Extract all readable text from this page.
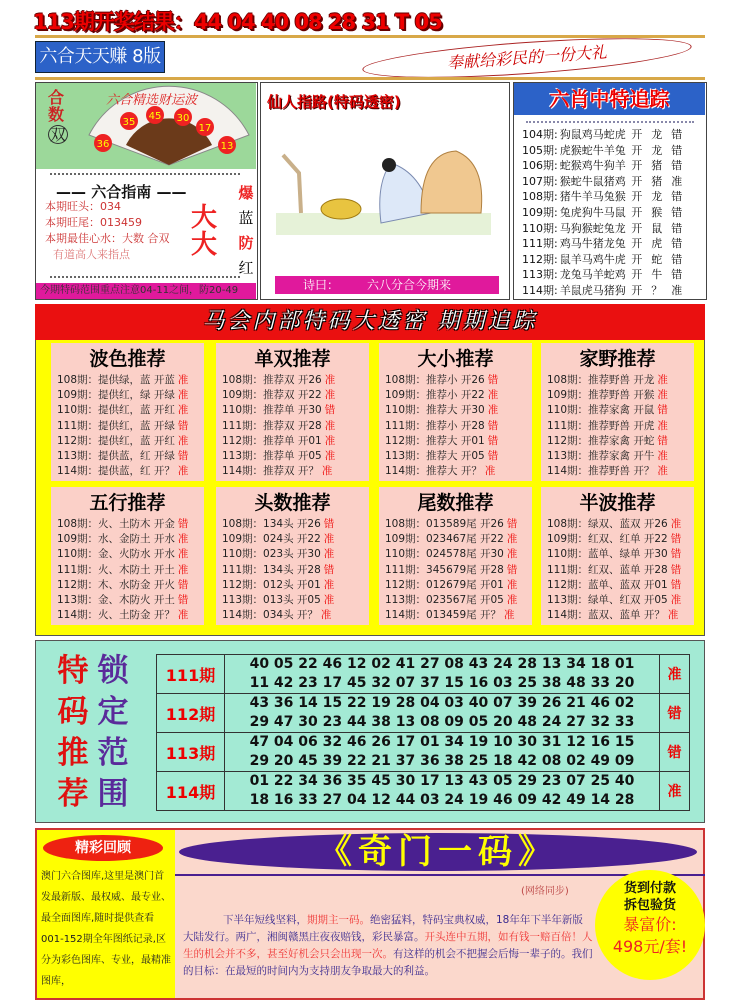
113期开奖结果：44 04 40 08 28 31 T 05
六合天天赚 8版	奉献给彩民的一份大礼
合数
双
36
35
45 30
17
13
六合精选财运波
—— 六合指南 ——
本期旺头：034
本期旺尾：013459
本期最佳心水：大数 合双
有道高人来指点
大
大
爆
蓝
防
红
今期特码范围重点注意04-11之间，防20-49
仙人指路(特码透密)
诗曰： 六八分合今期来
六肖中特追踪
104期: 狗鼠鸡马蛇虎 开 龙 错
105期: 虎猴蛇牛羊兔 开 龙 错
106期: 蛇猴鸡牛狗羊 开 猪 错
107期: 猴蛇牛鼠猪鸡 开 猪 准
108期: 猪牛羊马兔猴 开 龙 错
109期: 兔虎狗牛马鼠 开 猴 错
110期: 马狗猴蛇兔龙 开 鼠 错
111期: 鸡马牛猪龙兔 开 虎 错
112期: 鼠羊马鸡牛虎 开 蛇 错
113期: 龙兔马羊蛇鸡 开 牛 错
114期: 羊鼠虎马猪狗 开 ？ 准
马会内部特码大透密 期期追踪
波色推荐
108期：提供绿，蓝 开蓝 准
109期：提供红，绿 开绿 准
110期：提供红，蓝 开红 准
111期：提供红，蓝 开绿 错
112期：提供红，蓝 开红 准
113期：提供蓝，红 开绿 错
114期：提供蓝，红 开？ 准
单双推荐
108期：推荐双 开26 准
109期：推荐双 开22 准
110期：推荐单 开30 错
111期：推荐双 开28 准
112期：推荐单 开01 准
113期：推荐单 开05 准
114期：推荐双 开？ 准
大小推荐
108期：推荐小 开26 错
109期：推荐小 开22 准
110期：推荐大 开30 准
111期：推荐小 开28 错
112期：推荐大 开01 错
113期：推荐大 开05 错
114期：推荐大 开？ 准
家野推荐
108期：推荐野兽 开龙 准
109期：推荐野兽 开猴 准
110期：推荐家禽 开鼠 错
111期：推荐野兽 开虎 准
112期：推荐家禽 开蛇 错
113期：推荐家禽 开牛 准
114期：推荐野兽 开？ 准
五行推荐
108期：火、土防木 开金 错
109期：水、金防土 开水 准
110期：金、火防水 开水 准
111期：火、木防土 开土 准
112期：木、水防金 开火 错
113期：金、木防火 开土 错
114期：火、土防金 开？ 准
头数推荐
108期：134头 开26 错
109期：024头 开22 准
110期：023头 开30 准
111期：134头 开28 错
112期：012头 开01 准
113期：013头 开05 准
114期：034头 开？ 准
尾数推荐
108期：013589尾 开26 错
109期：023467尾 开22 准
110期：024578尾 开30 准
111期：345679尾 开28 错
112期：012679尾 开01 准
113期：023567尾 开05 准
114期：013459尾 开？ 准
半波推荐
108期：绿双、蓝双 开26 准
109期：红双、红单 开22 错
110期：蓝单、绿单 开30 错
111期：红双、蓝单 开28 错
112期：蓝单、蓝双 开01 错
113期：绿单、红双 开05 准
114期：蓝双、蓝单 开？ 准
特
码
推
荐
锁
定
范
围
111期	40 05 22 46 12 02 41 27 08 43 24 28 13 34 18 01
11 42 23 17 45 32 07 37 15 16 03 25 38 48 33 20	准
112期	43 36 14 15 22 19 28 04 03 40 07 39 26 21 46 02
29 47 30 23 44 38 13 08 09 05 20 48 24 27 32 33	错
113期	47 04 06 32 46 26 17 01 34 19 10 30 31 12 16 15
29 20 45 39 22 21 37 36 38 25 18 42 08 02 49 09	错
114期	01 22 34 36 35 45 30 17 13 43 05 29 23 07 25 40
18 16 33 27 04 12 44 03 24 19 46 09 42 49 14 28	准
精彩回顾
澳门六合图库,这里是澳门首发最新版、最权威、最专业、最全面图库,随时提供查看001-152期全年图纸记录,区分为彩色图库、专业，最精准图库，
《奇门一码》
(网络同步)
下半年短线坚料，期期主一码。绝密猛料，特码宝典权威，18年年下半年新版大陆发行。两广，湘闽赣黑庄夜夜赔钱，彩民暴富。开头连中五期，如有钱一赔百倍！人生的机会并不多，甚至好机会只会出现一次。有这样的机会不把握会后悔一辈子的。我们的目标：在最短的时间内为支持朋友争取最大的利益。
货到付款
拆包验货
暴富价:
498元/套!
